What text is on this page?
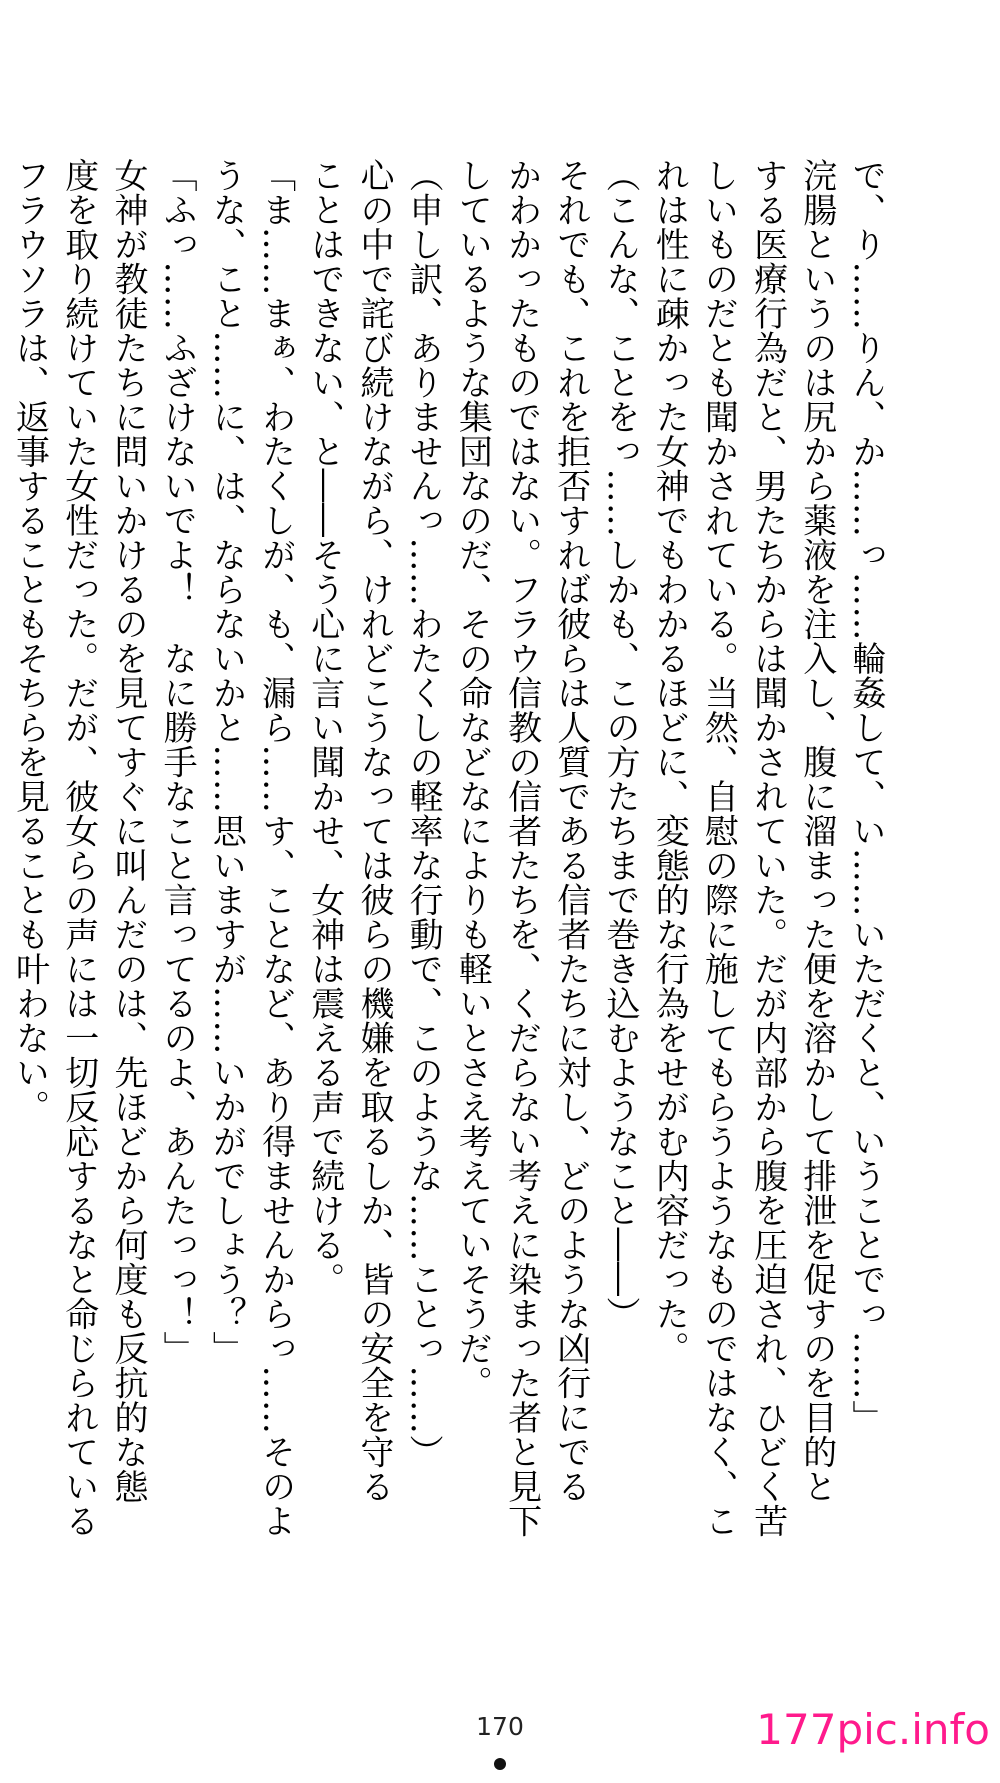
で、り……りん、か……っ……輪姦して、い……いただくと、いうことでっ……」
浣腸というのは尻から薬液を注入し、腹に溜まった便を溶かして排泄を促すのを目的と
する医療行為だと、男たちからは聞かされていた。だが内部から腹を圧迫され、ひどく苦
しいものだとも聞かされている。当然、自慰の際に施してもらうようなものではなく、こ
れは性に疎かった女神でもわかるほどに、変態的な行為をせがむ内容だった。
（こんな、ことをっ……しかも、この方たちまで巻き込むようなこと――）
それでも、これを拒否すれば彼らは人質である信者たちに対し、どのような凶行にでる
かわかったものではない。フラウ信教の信者たちを、くだらない考えに染まった者と見下
しているような集団なのだ、その命などなによりも軽いとさえ考えていそうだ。
（申し訳、ありませんっ……わたくしの軽率な行動で、このような……ことっ……）
心の中で詫び続けながら、けれどこうなっては彼らの機嫌を取るしか、皆の安全を守る
ことはできない、と――そう心に言い聞かせ、女神は震える声で続ける。
「ま……まぁ、わたくしが、も、漏ら……す、ことなど、あり得ませんからっ……そのよ
うな、こと……に、は、ならないかと……思いますが……いかがでしょう？」
「ふっ……ふざけないでよ！　なに勝手なこと言ってるのよ、あんたっっ！」
女神が教徒たちに問いかけるのを見てすぐに叫んだのは、先ほどから何度も反抗的な態
度を取り続けていた女性だった。だが、彼女らの声には一切反応するなと命じられている
フラウソラは、返事することもそちらを見ることも叶わない。
170	177pic.info
